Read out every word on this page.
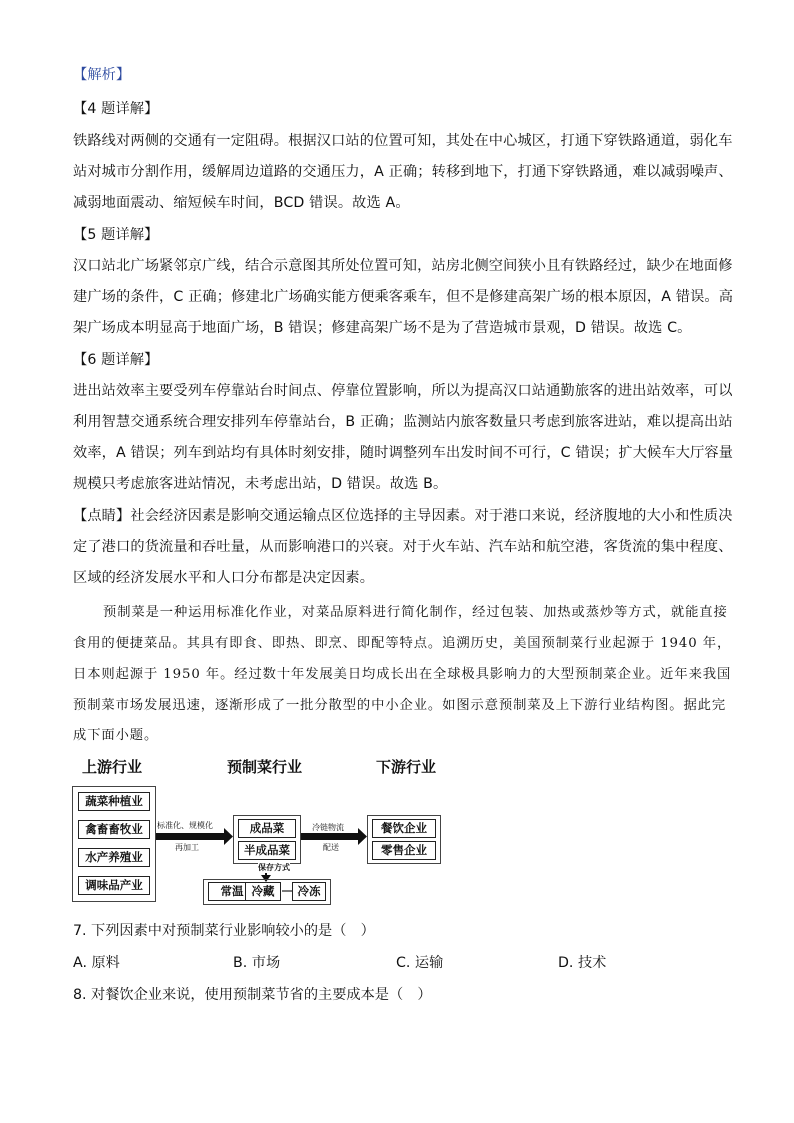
【解析】
【4 题详解】
铁路线对两侧的交通有一定阻碍。根据汉口站的位置可知，其处在中心城区，打通下穿铁路通道，弱化车
站对城市分割作用，缓解周边道路的交通压力，A 正确；转移到地下，打通下穿铁路通，难以减弱噪声、
减弱地面震动、缩短候车时间，BCD 错误。故选 A。
【5 题详解】
汉口站北广场紧邻京广线，结合示意图其所处位置可知，站房北侧空间狭小且有铁路经过，缺少在地面修
建广场的条件，C 正确；修建北广场确实能方便乘客乘车，但不是修建高架广场的根本原因，A 错误。高
架广场成本明显高于地面广场，B 错误；修建高架广场不是为了营造城市景观，D 错误。故选 C。
【6 题详解】
进出站效率主要受列车停靠站台时间点、停靠位置影响，所以为提高汉口站通勤旅客的进出站效率，可以
利用智慧交通系统合理安排列车停靠站台，B 正确；监测站内旅客数量只考虑到旅客进站，难以提高出站
效率，A 错误；列车到站均有具体时刻安排，随时调整列车出发时间不可行，C 错误；扩大候车大厅容量
规模只考虑旅客进站情况，未考虑出站，D 错误。故选 B。
【点睛】社会经济因素是影响交通运输点区位选择的主导因素。对于港口来说，经济腹地的大小和性质决
定了港口的货流量和吞吐量，从而影响港口的兴衰。对于火车站、汽车站和航空港，客货流的集中程度、
区域的经济发展水平和人口分布都是决定因素。
预制菜是一种运用标准化作业，对菜品原料进行简化制作，经过包装、加热或蒸炒等方式，就能直接
食用的便捷菜品。其具有即食、即热、即烹、即配等特点。追溯历史，美国预制菜行业起源于 1940 年，
日本则起源于 1950 年。经过数十年发展美日均成长出在全球极具影响力的大型预制菜企业。近年来我国
预制菜市场发展迅速，逐渐形成了一批分散型的中小企业。如图示意预制菜及上下游行业结构图。据此完
成下面小题。
上游行业	预制菜行业	下游行业
蔬菜种植业
禽畜畜牧业
水产养殖业
调味品产业
成品菜
半成品菜
餐饮企业
零售企业
标准化、规模化
再加工
冷链物流
配送
保存方式
常温 冷藏	冷冻
7. 下列因素中对预制菜行业影响较小的是（　）
A. 原料	B. 市场	C. 运输	D. 技术
8. 对餐饮企业来说，使用预制菜节省的主要成本是（　）
